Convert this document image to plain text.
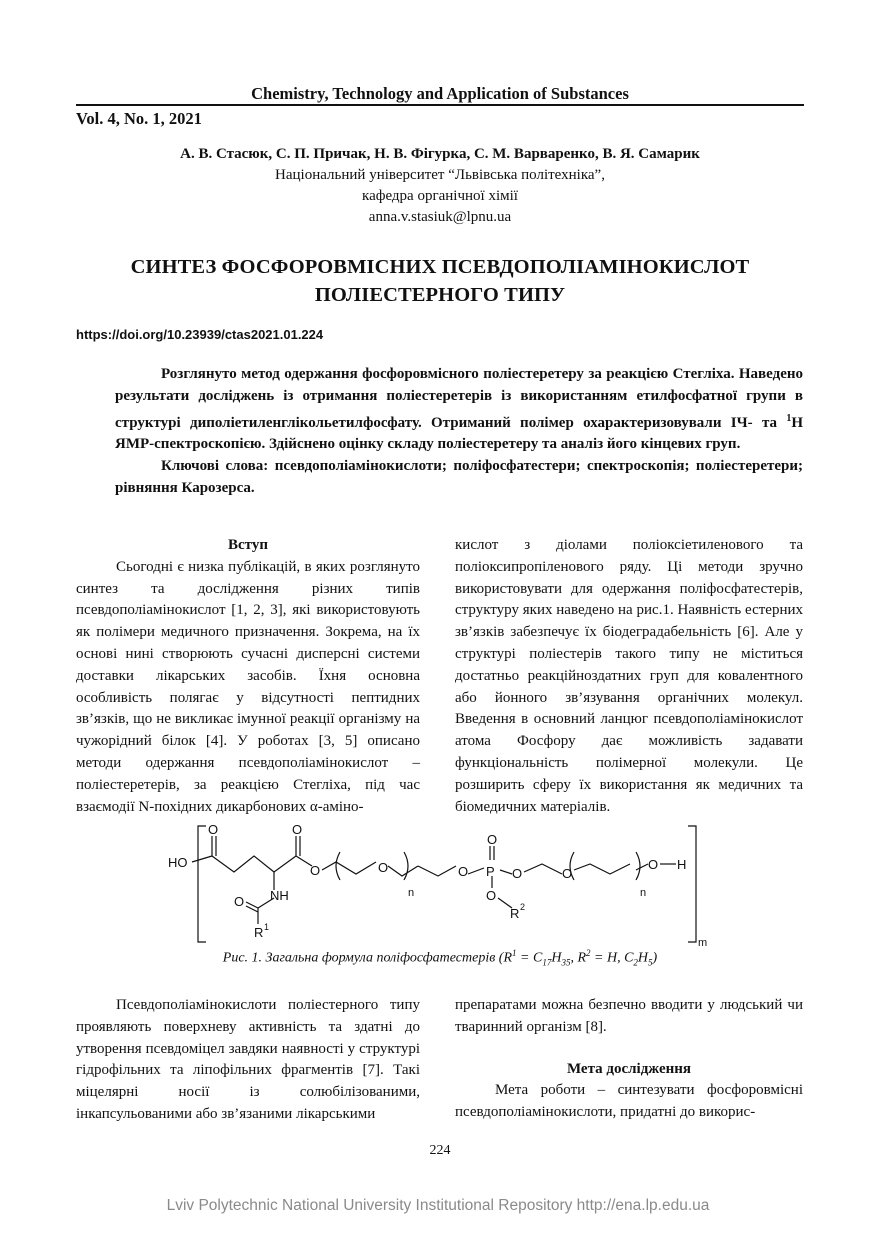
Chemistry, Technology and Application of Substances
Vol. 4, No. 1, 2021
А. В. Стасюк, С. П. Причак, Н. В. Фігурка, С. М. Варваренко, В. Я. Самарик
Національний університет “Львівська політехніка”,
кафедра органічної хімії
anna.v.stasiuk@lpnu.ua
СИНТЕЗ ФОСФОРОВМІСНИХ ПСЕВДОПОЛІАМІНОКИСЛОТ
ПОЛІЕСТЕРНОГО ТИПУ
https://doi.org/10.23939/ctas2021.01.224

Розглянуто метод одержання фосфоровмісного поліестеретеру за реакцією Стегліха. Наведено результати досліджень із отримання поліестеретерів із використанням етилфосфатної групи в структурі диполіетиленглікольетилфосфату. Отриманий полімер охарактеризовували ІЧ- та $^1$Н ЯМР-спектроскопією. Здійснено оцінку складу поліестеретеру та аналіз його кінцевих груп.

Ключові слова: псевдополіамінокислоти; поліфосфатестери; спектроскопія; поліестеретери; рівняння Карозерса.

Вступ

Сьогодні є низка публікацій, в яких розглянуто синтез та дослідження різних типів псевдополіамінокислот [1, 2, 3], які використовують як полімери медичного призначення. Зокрема, на їх основі нині створюють сучасні дисперсні системи доставки лікарських засобів. Їхня основна особливість полягає у відсутності пептидних зв’язків, що не викликає імунної реакції організму на чужорідний білок [4]. У роботах [3, 5] описано методи одержання псевдополіамінокислот – поліестеретерів, за реакцією Стегліха, під час взаємодії N-похідних дикарбонових α-аміно-

кислот з діолами поліоксіетиленового та поліоксипропіленового ряду. Ці методи зручно використовувати для одержання поліфосфатестерів, структуру яких наведено на рис.1. Наявність естерних зв’язків забезпечує їх біодеградабельність [6]. Але у структурі поліестерів такого типу не міститься достатньо реакційноздатних груп для ковалентного або йонного зв’язування органічних молекул. Введення в основний ланцюг псевдополіамінокислот атома Фосфору дає можливість задавати функціональність полімерної молекули. Це розширить сферу їх використання як медичних та біомедичних матеріалів.

HO
O	O
O
NH
O
R 1
O
n
O
O
P O
O
R 2
O
n
O H
m
Рис. 1. Загальна формула поліфосфатестерів ($R^1 = C_{17}H_{35}$, $R^2 = H$, $C_2H_5$)

Псевдополіамінокислоти поліестерного типу проявляють поверхневу активність та здатні до утворення псевдоміцел завдяки наявності у структурі гідрофільних та ліпофільних фрагментів [7]. Такі міцелярні носії із солюбілізованими, інкапсульованими або зв’язаними лікарськими

препаратами можна безпечно вводити у людський чи тваринний організм [8].

Мета дослідження

Мета роботи – синтезувати фосфоровмісні псевдополіамінокислоти, придатні до викорис-

224
Lviv Polytechnic National University Institutional Repository http://ena.lp.edu.ua
